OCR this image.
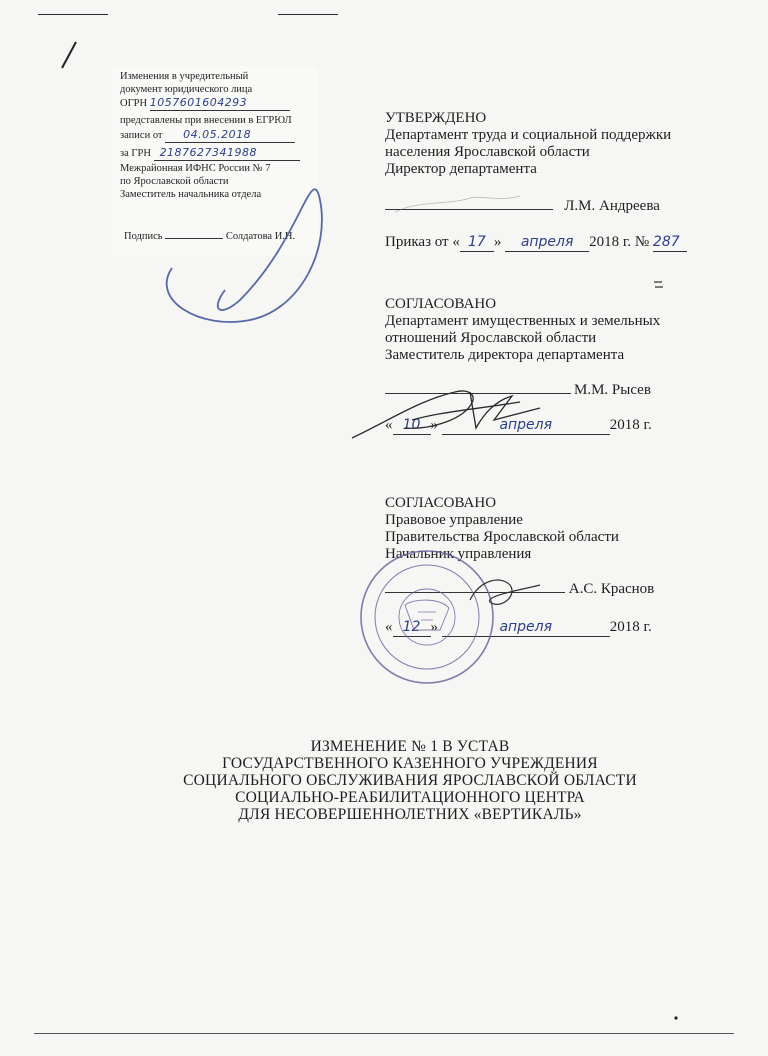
Изменения в учредительный
документ юридического лица
ОГРН 1057601604293
представлены при внесении в ЕГРЮЛ
записи от 04.05.2018
за ГРН 2187627341988
Межрайонная ИФНС России № 7
по Ярославской области
Заместитель начальника отдела
Подпись	Солдатова И.Н.
УТВЕРЖДЕНО
Департамент труда и социальной поддержки
населения Ярославской области
Директор департамента
Л.М. Андреева
Приказ от « 17 » апреля 2018 г. № 287
СОГЛАСОВАНО
Департамент имущественных и земельных
отношений Ярославской области
Заместитель директора департамента
М.М. Рысев
« 10 »	апреля	2018 г.
СОГЛАСОВАНО
Правовое управление
Правительства Ярославской области
Начальник управления
А.С. Краснов
« 12 »	апреля	2018 г.
ИЗМЕНЕНИЕ № 1 В УСТАВ
ГОСУДАРСТВЕННОГО КАЗЕННОГО УЧРЕЖДЕНИЯ
СОЦИАЛЬНОГО ОБСЛУЖИВАНИЯ ЯРОСЛАВСКОЙ ОБЛАСТИ
СОЦИАЛЬНО-РЕАБИЛИТАЦИОННОГО ЦЕНТРА
ДЛЯ НЕСОВЕРШЕННОЛЕТНИХ «ВЕРТИКАЛЬ»
